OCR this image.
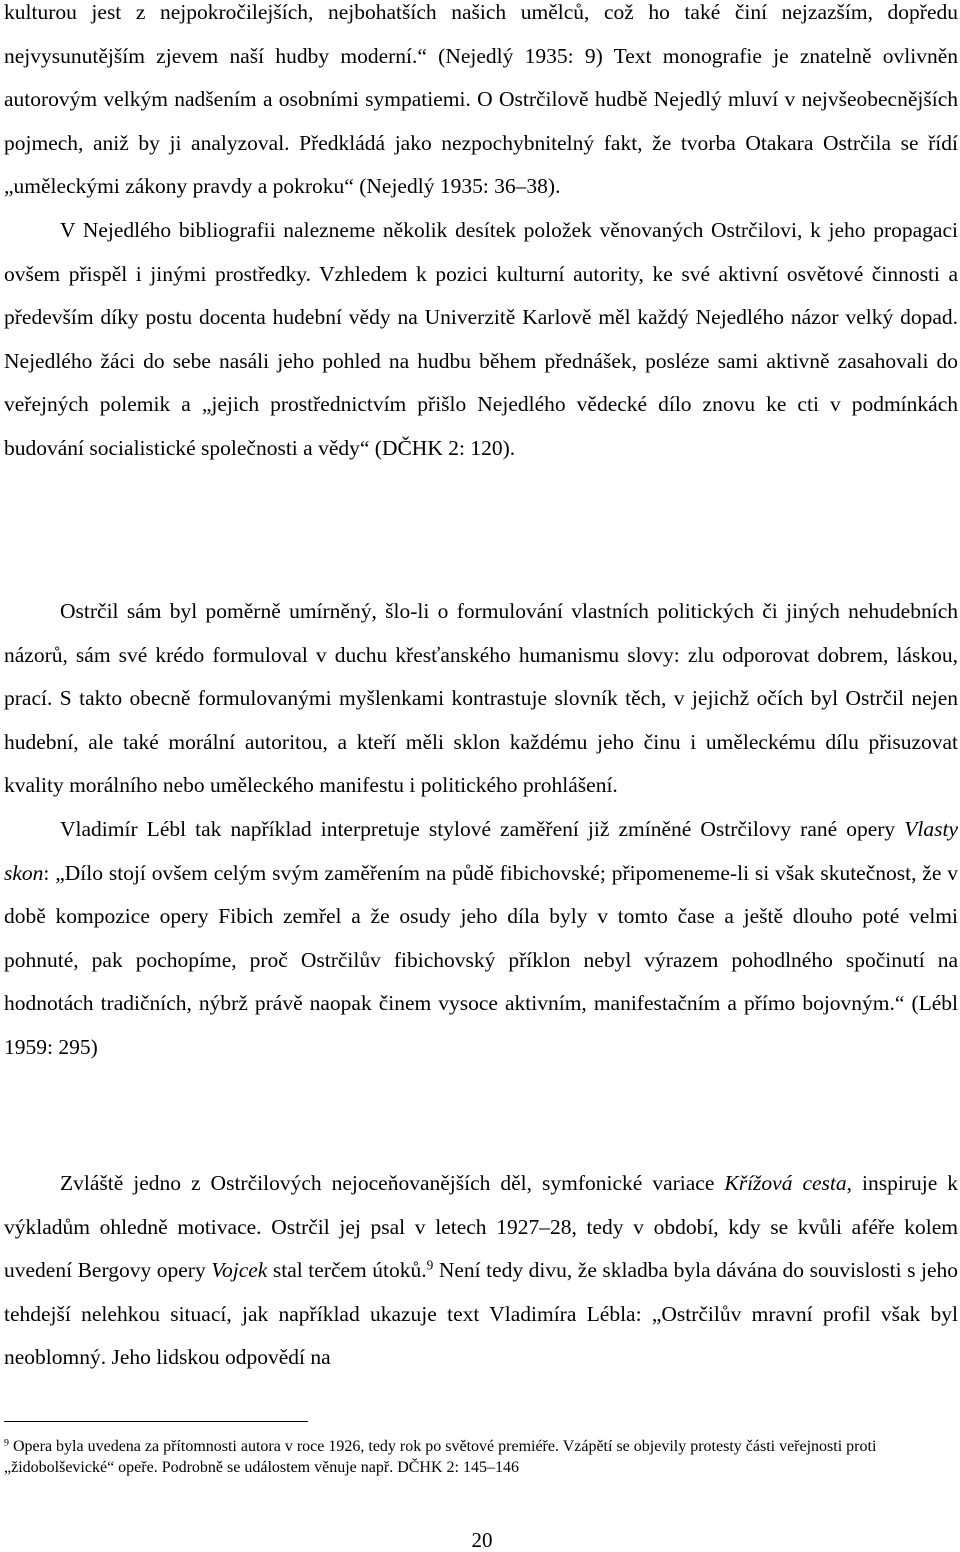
kulturou jest z nejpokročilejších, nejbohatších našich umělců, což ho také činí nejzazším, dopředu nejvysunutějším zjevem naší hudby moderní.“ (Nejedlý 1935: 9) Text monografie je znatelně ovlivněn autorovým velkým nadšením a osobními sympatiemi. O Ostrčilově hudbě Nejedlý mluví v nejvšeobecnějších pojmech, aniž by ji analyzoval. Předkládá jako nezpochybnitelný fakt, že tvorba Otakara Ostrčila se řídí „uměleckými zákony pravdy a pokroku“ (Nejedlý 1935: 36–38).

V Nejedlého bibliografii nalezneme několik desítek položek věnovaných Ostrčilovi, k jeho propagaci ovšem přispěl i jinými prostředky. Vzhledem k pozici kulturní autority, ke své aktivní osvětové činnosti a především díky postu docenta hudební vědy na Univerzitě Karlově měl každý Nejedlého názor velký dopad. Nejedlého žáci do sebe nasáli jeho pohled na hudbu během přednášek, posléze sami aktivně zasahovali do veřejných polemik a „jejich prostřednictvím přišlo Nejedlého vědecké dílo znovu ke cti v podmínkách budování socialistické společnosti a vědy“ (DČHK 2: 120).

Ostrčil sám byl poměrně umírněný, šlo-li o formulování vlastních politických či jiných nehudebních názorů, sám své krédo formuloval v duchu křesťanského humanismu slovy: zlu odporovat dobrem, láskou, prací. S takto obecně formulovanými myšlenkami kontrastuje slovník těch, v jejichž očích byl Ostrčil nejen hudební, ale také morální autoritou, a kteří měli sklon každému jeho činu i uměleckému dílu přisuzovat kvality morálního nebo uměleckého manifestu i politického prohlášení.

Vladimír Lébl tak například interpretuje stylové zaměření již zmíněné Ostrčilovy rané opery Vlasty skon: „Dílo stojí ovšem celým svým zaměřením na půdě fibichovské; připomeneme-li si však skutečnost, že v době kompozice opery Fibich zemřel a že osudy jeho díla byly v tomto čase a ještě dlouho poté velmi pohnuté, pak pochopíme, proč Ostrčilův fibichovský příklon nebyl výrazem pohodlného spočinutí na hodnotách tradičních, nýbrž právě naopak činem vysoce aktivním, manifestačním a přímo bojovným.“ (Lébl 1959: 295)

Zvláště jedno z Ostrčilových nejoceňovanějších děl, symfonické variace Křížová cesta, inspiruje k výkladům ohledně motivace. Ostrčil jej psal v letech 1927–28, tedy v období, kdy se kvůli aféře kolem uvedení Bergovy opery Vojcek stal terčem útoků.$^9$ Není tedy divu, že skladba byla dávána do souvislosti s jeho tehdejší nelehkou situací, jak například ukazuje text Vladimíra Lébla: „Ostrčilův mravní profil však byl neoblomný. Jeho lidskou odpovědí na

$^9$ Opera byla uvedena za přítomnosti autora v roce 1926, tedy rok po světové premiéře. Vzápětí se objevily protesty části veřejnosti proti „židobolševické“ opeře. Podrobně se událostem věnuje např. DČHK 2: 145–146

20
